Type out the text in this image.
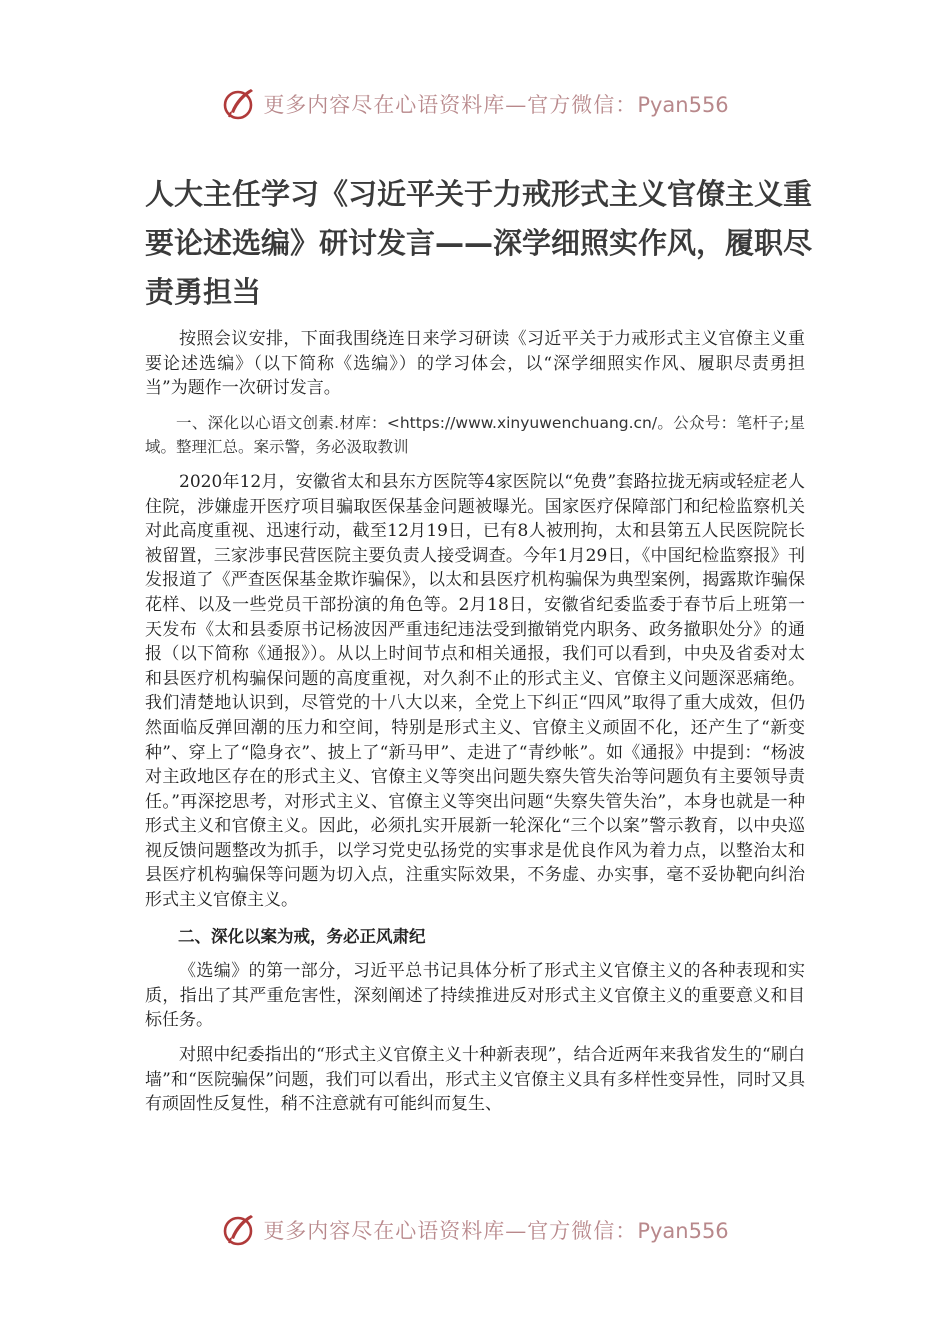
更多内容尽在心语资料库—官方微信：Pyan556
人大主任学习《习近平关于力戒形式主义官僚主义重要论述选编》研讨发言——深学细照实作风，履职尽责勇担当

按照会议安排，下面我围绕连日来学习研读《习近平关于力戒形式主义官僚主义重要论述选编》（以下简称《选编》）的学习体会，以“深学细照实作风、履职尽责勇担当”为题作一次研讨发言。

一、深化以心语文创素.材库：<https://www.xinyuwenchuang.cn/。公众号：笔杆子;星域。整理汇总。案示警，务必汲取教训

2020年12月，安徽省太和县东方医院等4家医院以“免费”套路拉拢无病或轻症老人住院，涉嫌虚开医疗项目骗取医保基金问题被曝光。国家医疗保障部门和纪检监察机关对此高度重视、迅速行动，截至12月19日，已有8人被刑拘，太和县第五人民医院院长被留置，三家涉事民营医院主要负责人接受调查。今年1月29日，《中国纪检监察报》刊发报道了《严查医保基金欺诈骗保》，以太和县医疗机构骗保为典型案例，揭露欺诈骗保花样、以及一些党员干部扮演的角色等。2月18日，安徽省纪委监委于春节后上班第一天发布《太和县委原书记杨波因严重违纪违法受到撤销党内职务、政务撤职处分》的通报（以下简称《通报》）。从以上时间节点和相关通报，我们可以看到，中央及省委对太和县医疗机构骗保问题的高度重视，对久刹不止的形式主义、官僚主义问题深恶痛绝。我们清楚地认识到，尽管党的十八大以来，全党上下纠正“四风”取得了重大成效，但仍然面临反弹回潮的压力和空间，特别是形式主义、官僚主义顽固不化，还产生了“新变种”、穿上了“隐身衣”、披上了“新马甲”、走进了“青纱帐”。如《通报》中提到：“杨波对主政地区存在的形式主义、官僚主义等突出问题失察失管失治等问题负有主要领导责任。”再深挖思考，对形式主义、官僚主义等突出问题“失察失管失治”，本身也就是一种形式主义和官僚主义。因此，必须扎实开展新一轮深化“三个以案”警示教育，以中央巡视反馈问题整改为抓手，以学习党史弘扬党的实事求是优良作风为着力点，以整治太和县医疗机构骗保等问题为切入点，注重实际效果，不务虚、办实事，毫不妥协靶向纠治形式主义官僚主义。

二、深化以案为戒，务必正风肃纪

《选编》的第一部分，习近平总书记具体分析了形式主义官僚主义的各种表现和实质，指出了其严重危害性，深刻阐述了持续推进反对形式主义官僚主义的重要意义和目标任务。

对照中纪委指出的“形式主义官僚主义十种新表现”，结合近两年来我省发生的“刷白墙”和“医院骗保”问题，我们可以看出，形式主义官僚主义具有多样性变异性，同时又具有顽固性反复性，稍不注意就有可能纠而复生、

更多内容尽在心语资料库—官方微信：Pyan556
